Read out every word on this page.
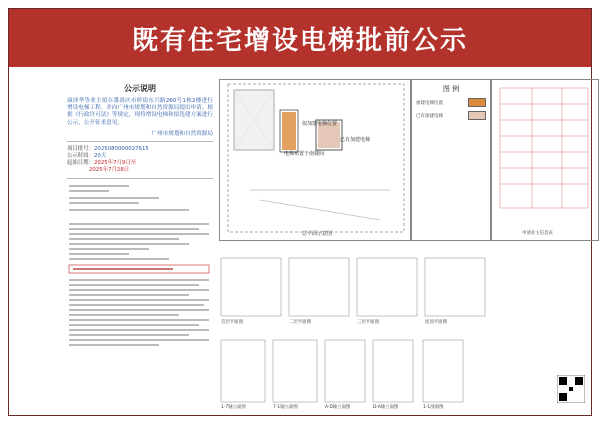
既有住宅增设电梯批前公示
公示说明
康沛华等业主拟在番禺区市桥街东兴路260号1栋2楼进行增设电梯工程。并向广州市规划和自然资源局提出申请。根据《行政许可法》等规定，现将增设电梯和拟选建方案进行公示，公开征求意见。
广州市规划和自然资源局
项目批号：2025080000027615
公示时间：20天
起始日期：2025年7月9日至
2025年7月28日
拟加建电梯位置
已有加建电梯
电梯布置于南楼间
总平面示意图
图 例
加建电梯位置
已有加建电梯
申请业主信息表
首层平面图	二层平面图	三层平面图	屋顶平面图
1-7轴立面图	7-1轴立面图	A-D轴立面图	D-A轴立面图	1-1剖面图
